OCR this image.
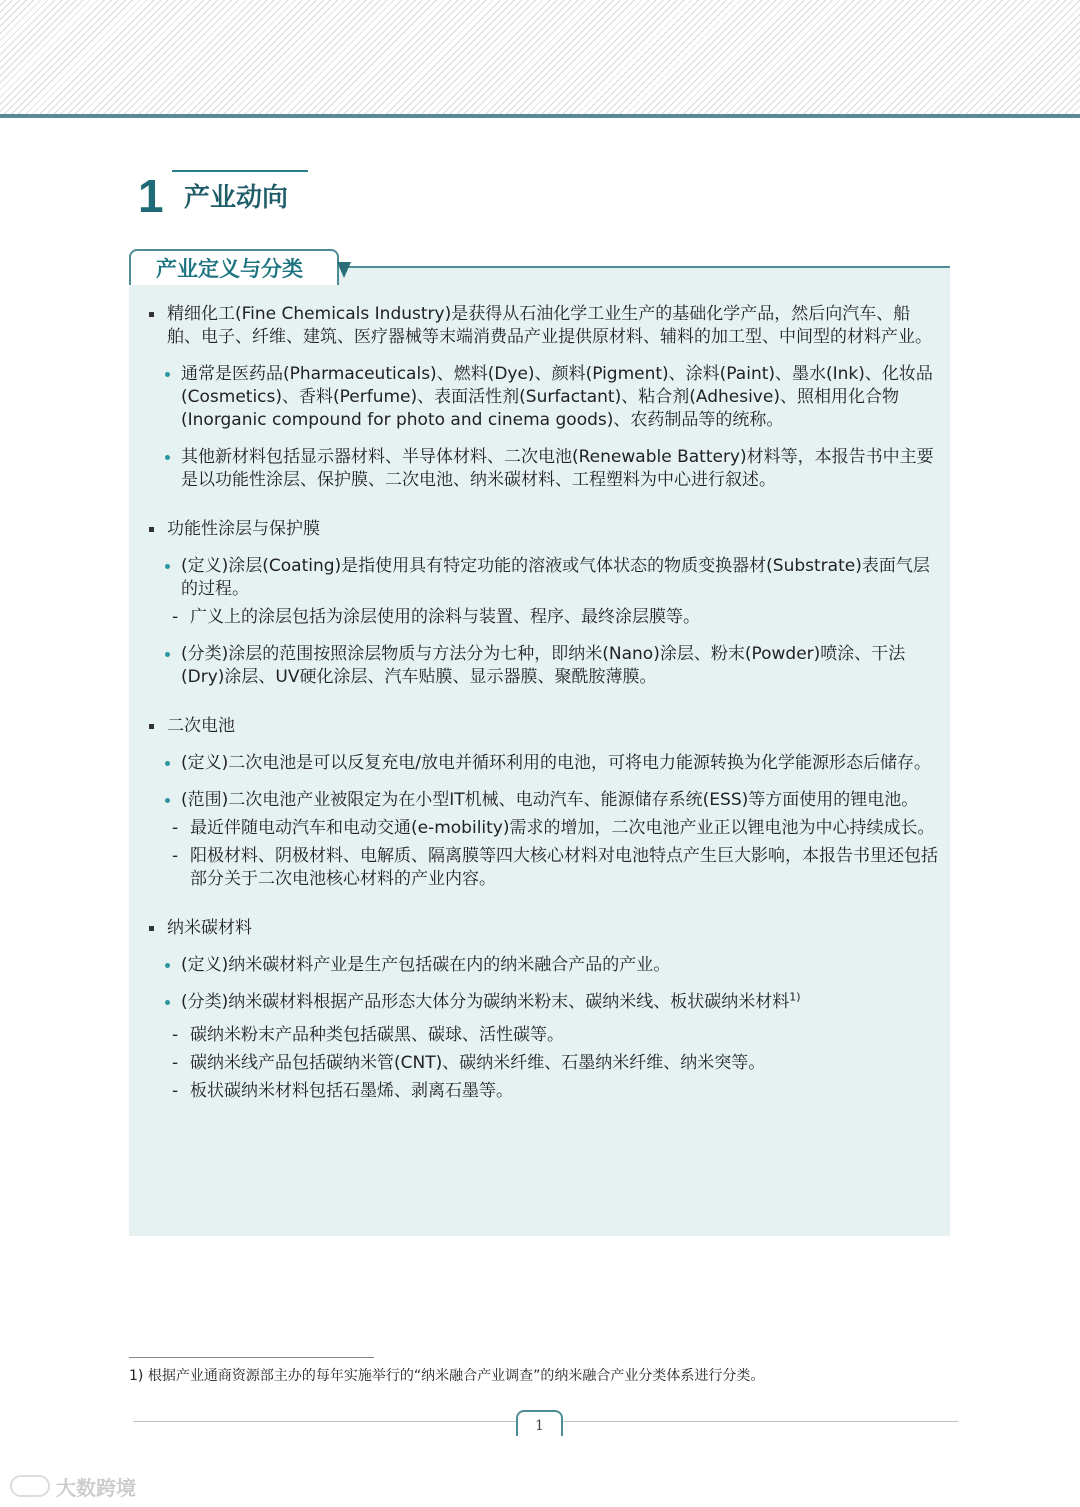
1 产业动向
产业定义与分类
精细化工(Fine Chemicals Industry)是获得从石油化学工业生产的基础化学产品，然后向汽车、船舶、电子、纤维、建筑、医疗器械等末端消费品产业提供原材料、辅料的加工型、中间型的材料产业。
通常是医药品(Pharmaceuticals)、燃料(Dye)、颜料(Pigment)、涂料(Paint)、墨水(Ink)、化妆品 (Cosmetics)、香料(Perfume)、表面活性剂(Surfactant)、粘合剂(Adhesive)、照相用化合物(Inorganic compound for photo and cinema goods)、农药制品等的统称。
其他新材料包括显示器材料、半导体材料、二次电池(Renewable Battery)材料等，本报告书中主要是以功能性涂层、保护膜、二次电池、纳米碳材料、工程塑料为中心进行叙述。
功能性涂层与保护膜
(定义)涂层(Coating)是指使用具有特定功能的溶液或气体状态的物质变换器材(Substrate)表面气层的过程。
- 广义上的涂层包括为涂层使用的涂料与装置、程序、最终涂层膜等。
(分类)涂层的范围按照涂层物质与方法分为七种，即纳米(Nano)涂层、粉末(Powder)喷涂、干法(Dry)涂层、UV硬化涂层、汽车贴膜、显示器膜、聚酰胺薄膜。
二次电池
(定义)二次电池是可以反复充电/放电并循环利用的电池，可将电力能源转换为化学能源形态后储存。
(范围)二次电池产业被限定为在小型IT机械、电动汽车、能源储存系统(ESS)等方面使用的锂电池。
- 最近伴随电动汽车和电动交通(e-mobility)需求的增加，二次电池产业正以锂电池为中心持续成长。
- 阳极材料、阴极材料、电解质、隔离膜等四大核心材料对电池特点产生巨大影响，本报告书里还包括部分关于二次电池核心材料的产业内容。
纳米碳材料
(定义)纳米碳材料产业是生产包括碳在内的纳米融合产品的产业。
(分类)纳米碳材料根据产品形态大体分为碳纳米粉末、碳纳米线、板状碳纳米材料$^{1)}$
- 碳纳米粉末产品种类包括碳黑、碳球、活性碳等。
- 碳纳米线产品包括碳纳米管(CNT)、碳纳米纤维、石墨纳米纤维、纳米突等。
- 板状碳纳米材料包括石墨烯、剥离石墨等。
1) 根据产业通商资源部主办的每年实施举行的“纳米融合产业调查”的纳米融合产业分类体系进行分类。
1
大数跨境
